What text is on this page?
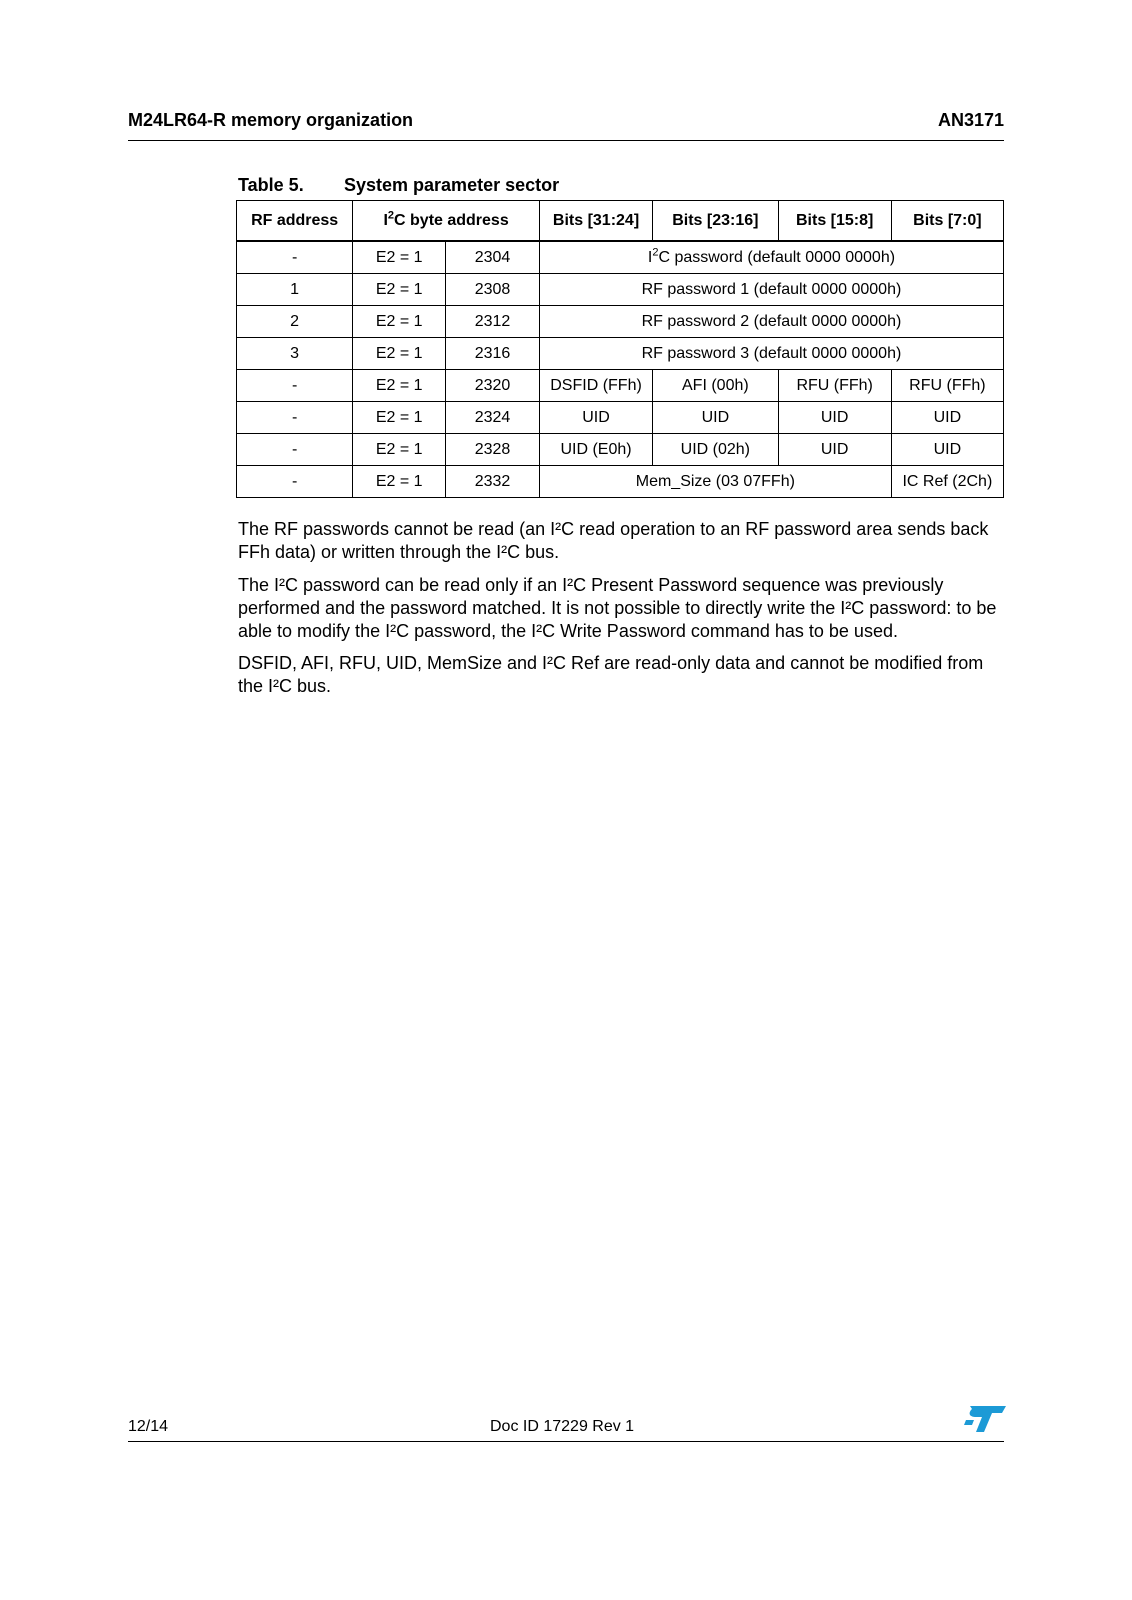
M24LR64-R memory organization	AN3171
Table 5. System parameter sector
RF address	$I^2C$ byte address		Bits [31:24]	Bits [23:16]	Bits [15:8]	Bits [7:0]
-	E2 = 1	2304	$I^2C$ password (default 0000 0000h)			
1	E2 = 1	2308	RF password 1 (default 0000 0000h)			
2	E2 = 1	2312	RF password 2 (default 0000 0000h)			
3	E2 = 1	2316	RF password 3 (default 0000 0000h)			
-	E2 = 1	2320	DSFID (FFh)	AFI (00h)	RFU (FFh)	RFU (FFh)
-	E2 = 1	2324	UID	UID	UID	UID
-	E2 = 1	2328	UID (E0h)	UID (02h)	UID	UID
-	E2 = 1	2332	Mem_Size (03 07FFh)			IC Ref (2Ch)

The RF passwords cannot be read (an I²C read operation to an RF password area sends back FFh data) or written through the I²C bus.

The I²C password can be read only if an I²C Present Password sequence was previously performed and the password matched. It is not possible to directly write the I²C password: to be able to modify the I²C password, the I²C Write Password command has to be used.

DSFID, AFI, RFU, UID, MemSize and I²C Ref are read-only data and cannot be modified from the I²C bus.

12/14	Doc ID 17229 Rev 1
